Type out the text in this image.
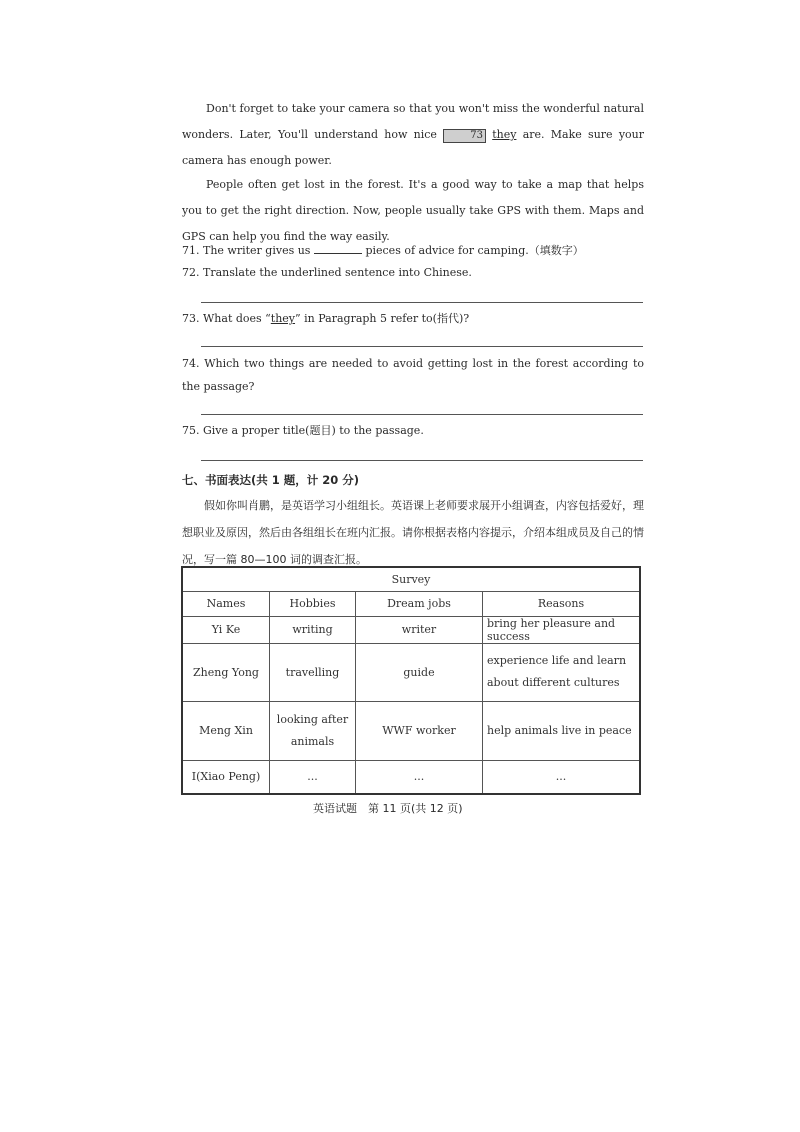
Don't forget to take your camera so that you won't miss the wonderful natural wonders. Later, You'll understand how nice	73 they are. Make sure your camera has enough power.

People often get lost in the forest. It's a good way to take a map that helps you to get the right direction. Now, people usually take GPS with them. Maps and GPS can help you find the way easily.

71. The writer gives us	pieces of advice for camping.（填数字）

72. Translate the underlined sentence into Chinese.

73. What does “they” in Paragraph 5 refer to(指代)?

74. Which two things are needed to avoid getting lost in the forest according to the passage?

75. Give a proper title(题目) to the passage.

七、书面表达(共 1 题，计 20 分)

假如你叫肖鹏，是英语学习小组组长。英语课上老师要求展开小组调查，内容包括爱好，理想职业及原因，然后由各组组长在班内汇报。请你根据表格内容提示，介绍本组成员及自己的情况，写一篇 80—100 词的调查汇报。

Survey			
Names	Hobbies	Dream jobs	Reasons
Yi Ke	writing	writer	bring her pleasure and success
Zheng Yong	travelling	guide	experience life and learn about different cultures
Meng Xin	looking after animals	WWF worker	help animals live in peace
I(Xiao Peng)	...	...	...
英语试题　第 11 页(共 12 页)
